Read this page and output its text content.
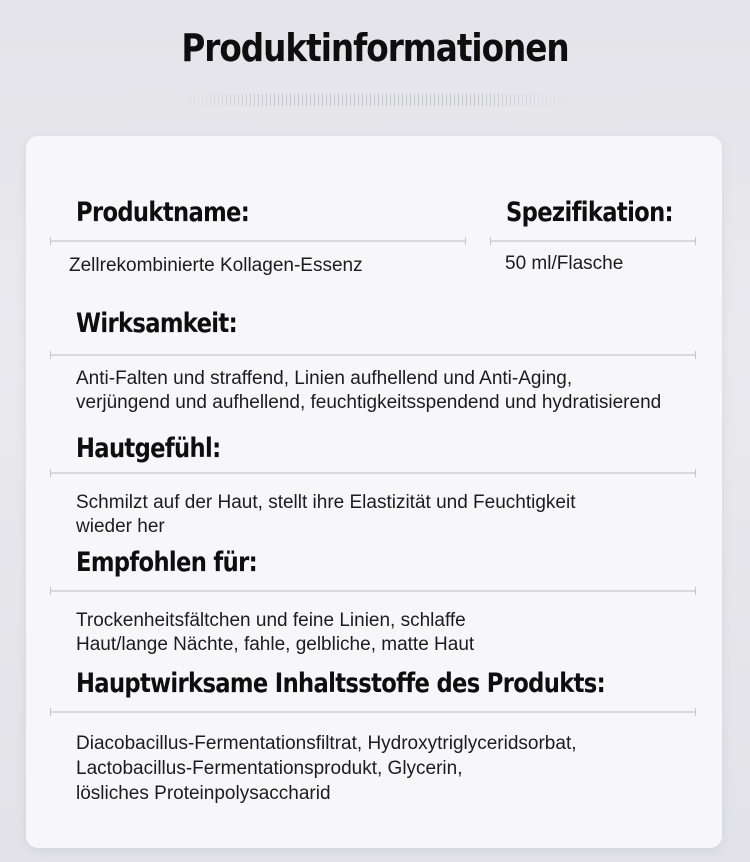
Produktinformationen
Produktname:
Zellrekombinierte Kollagen-Essenz
Spezifikation:
50 ml/Flasche
Wirksamkeit:
Anti-Falten und straffend, Linien aufhellend und Anti-Aging,
verjüngend und aufhellend, feuchtigkeitsspendend und hydratisierend
Hautgefühl:
Schmilzt auf der Haut, stellt ihre Elastizität und Feuchtigkeit
wieder her
Empfohlen für:
Trockenheitsfältchen und feine Linien, schlaffe
Haut/lange Nächte, fahle, gelbliche, matte Haut
Hauptwirksame Inhaltsstoffe des Produkts:
Diacobacillus-Fermentationsfiltrat, Hydroxytriglyceridsorbat,
Lactobacillus-Fermentationsprodukt, Glycerin,
lösliches Proteinpolysaccharid
